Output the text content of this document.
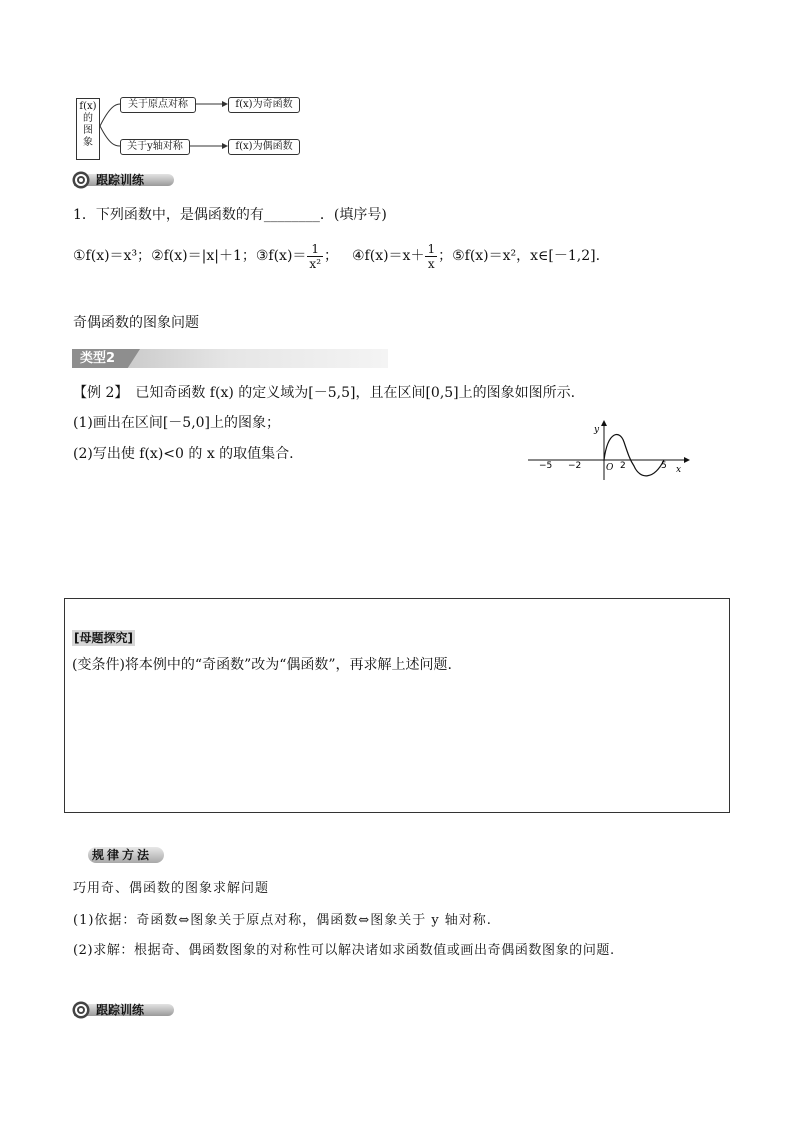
f(x)
的
图
象
关于原点对称
关于y轴对称
f(x)为奇函数
f(x)为偶函数
跟踪训练
1．下列函数中，是偶函数的有________．(填序号)
①f(x)＝x³； ②f(x)＝|x|＋1； ③f(x)＝ $\frac{1}{\text{x²}}$ ； ④f(x)＝x＋ $\frac{1}{x}$ ； ⑤f(x)＝x²，x∈[－1,2].
奇偶函数的图象问题
类型2
【例 2】　已知奇函数 f(x) 的定义域为[－5,5]，且在区间[0,5]上的图象如图所示.
(1)画出在区间[－5,0]上的图象；
(2)写出使 f(x)<0 的 x 的取值集合.
y
x
O
−5 −2	2	5
[母题探究]
(变条件)将本例中的“奇函数”改为“偶函数”，再求解上述问题.
规律方法
巧用奇、偶函数的图象求解问题
(1)依据：奇函数⇔图象关于原点对称，偶函数⇔图象关于 y 轴对称.
(2)求解：根据奇、偶函数图象的对称性可以解决诸如求函数值或画出奇偶函数图象的问题.
跟踪训练
